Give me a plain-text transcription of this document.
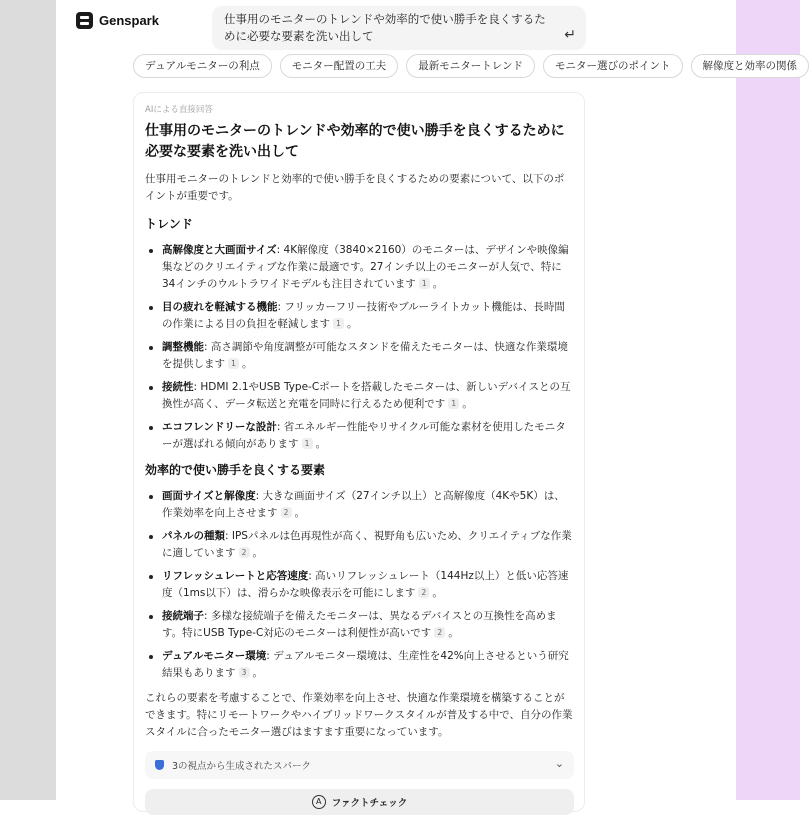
Genspark	仕事用のモニターのトレンドや効率的で使い勝手を良くするために必要な要素を洗い出して	↵
デュアルモニターの利点	モニター配置の工夫	最新モニタートレンド	モニター選びのポイント	解像度と効率の関係
AIによる直接回答
仕事用のモニターのトレンドや効率的で使い勝手を良くするために必要な要素を洗い出して
仕事用モニターのトレンドと効率的で使い勝手を良くするための要素について、以下のポイントが重要です。
トレンド
高解像度と大画面サイズ: 4K解像度（3840×2160）のモニターは、デザインや映像編集などのクリエイティブな作業に最適です。27インチ以上のモニターが人気で、特に34インチのウルトラワイドモデルも注目されています 1 。
目の疲れを軽減する機能: フリッカーフリー技術やブルーライトカット機能は、長時間の作業による目の負担を軽減します 1 。
調整機能: 高さ調節や角度調整が可能なスタンドを備えたモニターは、快適な作業環境を提供します 1 。
接続性: HDMI 2.1やUSB Type-Cポートを搭載したモニターは、新しいデバイスとの互換性が高く、データ転送と充電を同時に行えるため便利です 1 。
エコフレンドリーな設計: 省エネルギー性能やリサイクル可能な素材を使用したモニターが選ばれる傾向があります 1 。
効率的で使い勝手を良くする要素
画面サイズと解像度: 大きな画面サイズ（27インチ以上）と高解像度（4Kや5K）は、作業効率を向上させます 2 。
パネルの種類: IPSパネルは色再現性が高く、視野角も広いため、クリエイティブな作業に適しています 2 。
リフレッシュレートと応答速度: 高いリフレッシュレート（144Hz以上）と低い応答速度（1ms以下）は、滑らかな映像表示を可能にします 2 。
接続端子: 多様な接続端子を備えたモニターは、異なるデバイスとの互換性を高めます。特にUSB Type-C対応のモニターは利便性が高いです 2 。
デュアルモニター環境: デュアルモニター環境は、生産性を42%向上させるという研究結果もあります 3 。
これらの要素を考慮することで、作業効率を向上させ、快適な作業環境を構築することができます。特にリモートワークやハイブリッドワークスタイルが普及する中で、自分の作業スタイルに合ったモニター選びはますます重要になっています。
3の視点から生成されたスパーク	⌄
A	ファクトチェック
